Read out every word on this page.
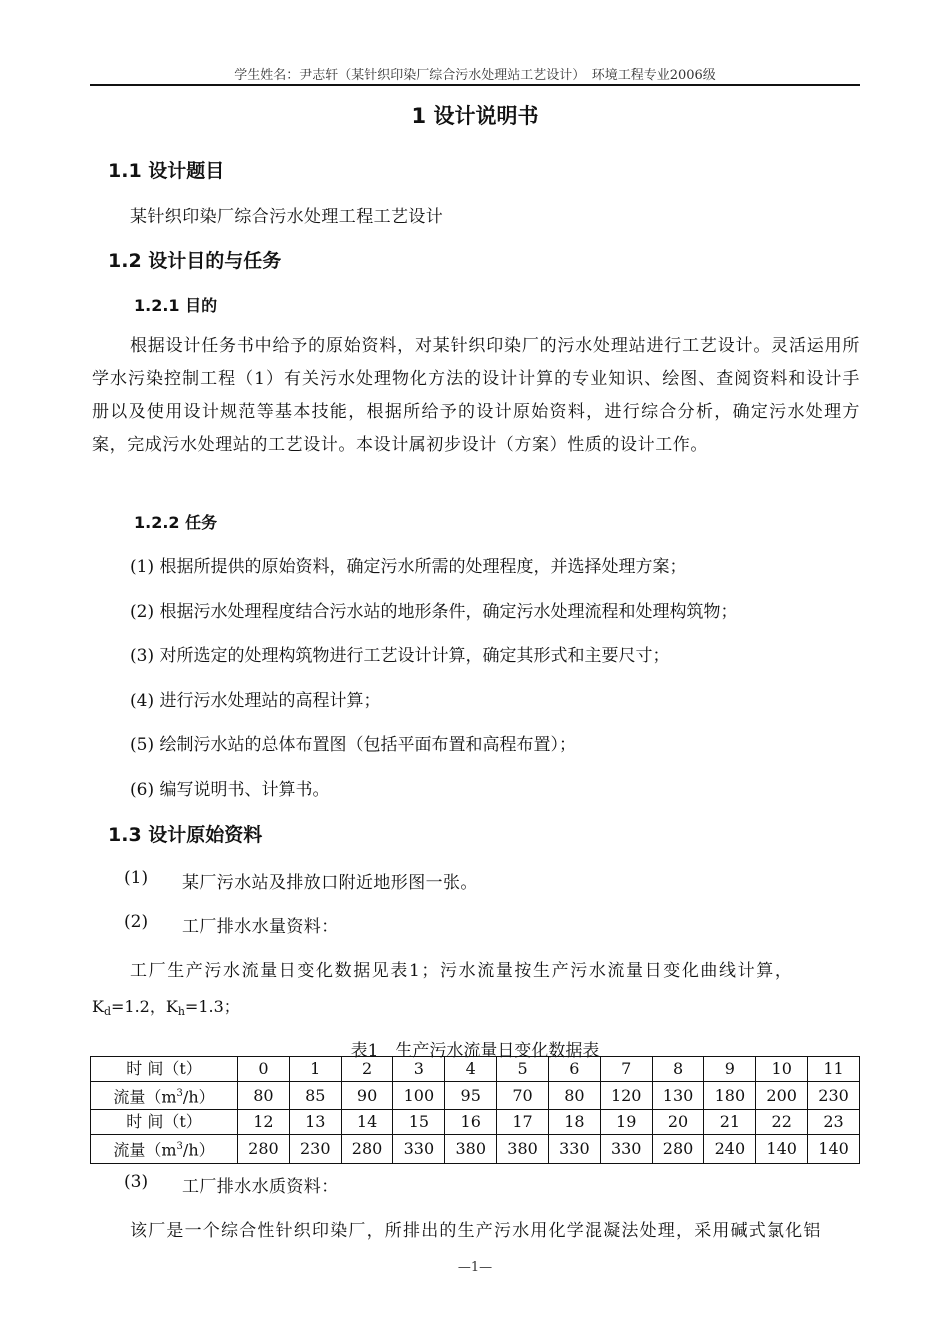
学生姓名：尹志轩（某针织印染厂综合污水处理站工艺设计）　环境工程专业2006级
1 设计说明书
1.1 设计题目
某针织印染厂综合污水处理工程工艺设计
1.2 设计目的与任务
1.2.1 目的
根据设计任务书中给予的原始资料，对某针织印染厂的污水处理站进行工艺设计。灵活运用所学水污染控制工程（1）有关污水处理物化方法的设计计算的专业知识、绘图、查阅资料和设计手册以及使用设计规范等基本技能，根据所给予的设计原始资料，进行综合分析，确定污水处理方案，完成污水处理站的工艺设计。本设计属初步设计（方案）性质的设计工作。
1.2.2 任务
(1) 根据所提供的原始资料，确定污水所需的处理程度，并选择处理方案；
(2) 根据污水处理程度结合污水站的地形条件，确定污水处理流程和处理构筑物；
(3) 对所选定的处理构筑物进行工艺设计计算，确定其形式和主要尺寸；
(4) 进行污水处理站的高程计算；
(5) 绘制污水站的总体布置图（包括平面布置和高程布置）；
(6) 编写说明书、计算书。
1.3 设计原始资料
(1) 某厂污水站及排放口附近地形图一张。
(2) 工厂排水水量资料：
工厂生产污水流量日变化数据见表1；污水流量按生产污水流量日变化曲线计算，
$K_d=1.2$，$K_h=1.3$；
表1　生产污水流量日变化数据表
时 间（t）	0	1	2	3	4	5	6	7	8	9	10	11
流量$(m^3/h)$	80	85	90	100	95	70	80	120	130	180	200	230
时 间（t）	12	13	14	15	16	17	18	19	20	21	22	23
流量$(m^3/h)$	280	230	280	330	380	380	330	330	280	240	140	140
(3) 工厂排水水质资料：
该厂是一个综合性针织印染厂，所排出的生产污水用化学混凝法处理，采用碱式氯化铝
—1—
